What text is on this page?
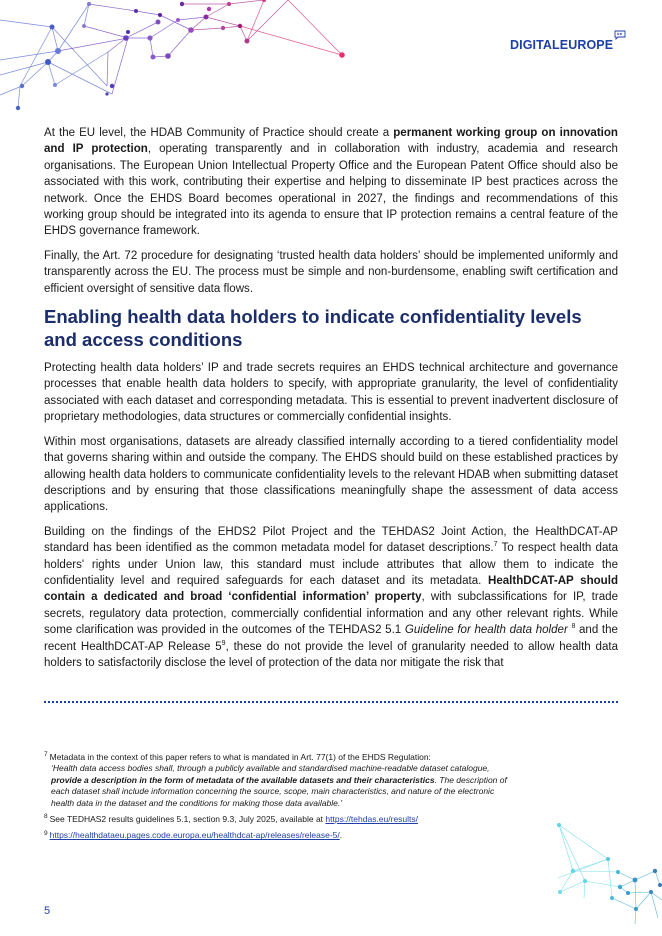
DIGITALEUROPE

At the EU level, the HDAB Community of Practice should create a permanent working group on innovation and IP protection, operating transparently and in collaboration with industry, academia and research organisations. The European Union Intellectual Property Office and the European Patent Office should also be associated with this work, contributing their expertise and helping to disseminate IP best practices across the network. Once the EHDS Board becomes operational in 2027, the findings and recommendations of this working group should be integrated into its agenda to ensure that IP protection remains a central feature of the EHDS governance framework.

Finally, the Art. 72 procedure for designating ‘trusted health data holders’ should be implemented uniformly and transparently across the EU. The process must be simple and non-burdensome, enabling swift certification and efficient oversight of sensitive data flows.

Enabling health data holders to indicate confidentiality levels and access conditions

Protecting health data holders’ IP and trade secrets requires an EHDS technical architecture and governance processes that enable health data holders to specify, with appropriate granularity, the level of confidentiality associated with each dataset and corresponding metadata. This is essential to prevent inadvertent disclosure of proprietary methodologies, data structures or commercially confidential insights.

Within most organisations, datasets are already classified internally according to a tiered confidentiality model that governs sharing within and outside the company. The EHDS should build on these established practices by allowing health data holders to communicate confidentiality levels to the relevant HDAB when submitting dataset descriptions and by ensuring that those classifications meaningfully shape the assessment of data access applications.

Building on the findings of the EHDS2 Pilot Project and the TEHDAS2 Joint Action, the HealthDCAT-AP standard has been identified as the common metadata model for dataset descriptions.$^7$ To respect health data holders' rights under Union law, this standard must include attributes that allow them to indicate the confidentiality level and required safeguards for each dataset and its metadata. HealthDCAT-AP should contain a dedicated and broad ‘confidential information’ property, with subclassifications for IP, trade secrets, regulatory data protection, commercially confidential information and any other relevant rights. While some clarification was provided in the outcomes of the TEHDAS2 5.1 Guideline for health data holder $^8$ and the recent HealthDCAT-AP Release $5^9$, these do not provide the level of granularity needed to allow health data holders to satisfactorily disclose the level of protection of the data nor mitigate the risk that

$^7$ Metadata in the context of this paper refers to what is mandated in Art. 77(1) of the EHDS Regulation:
‘Health data access bodies shall, through a publicly available and standardised machine-readable dataset catalogue, provide a description in the form of metadata of the available datasets and their characteristics. The description of each dataset shall include information concerning the source, scope, main characteristics, and nature of the electronic health data in the dataset and the conditions for making those data available.’
$^8$ See TEDHAS2 results guidelines 5.1, section 9.3, July 2025, available at https://tehdas.eu/results/
$^9$ https://healthdataeu.pages.code.europa.eu/healthdcat-ap/releases/release-5/.
5
